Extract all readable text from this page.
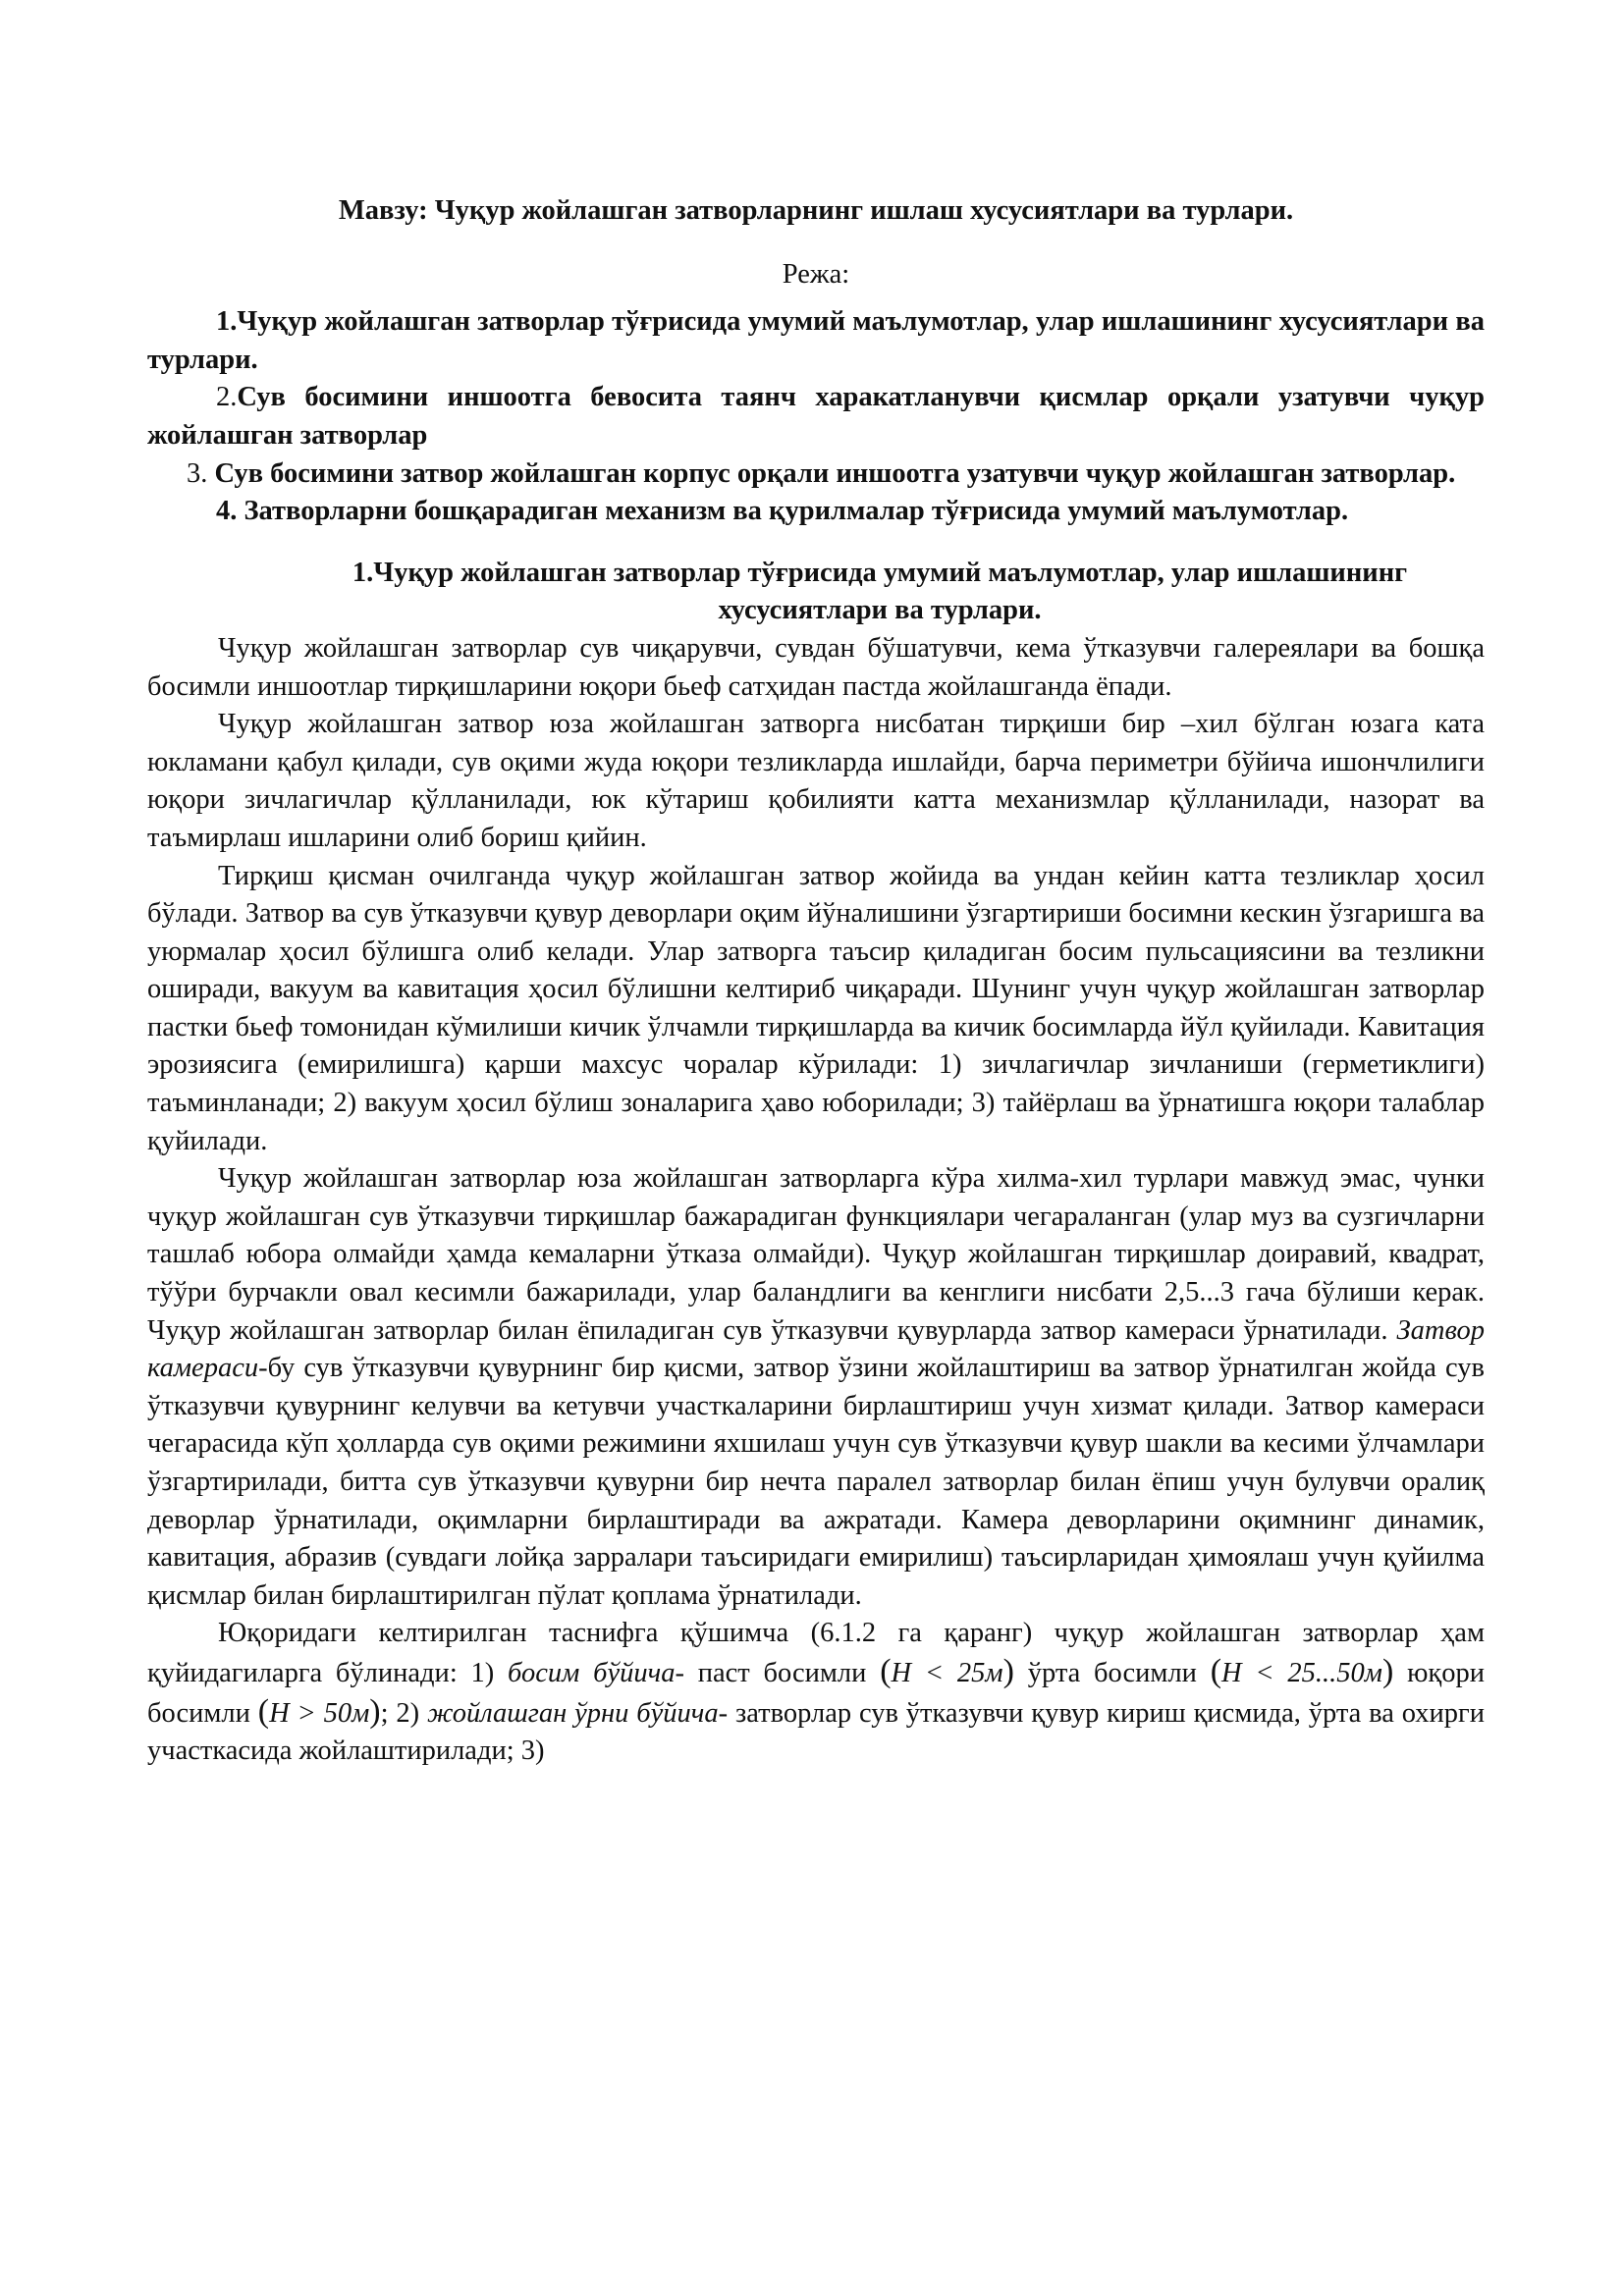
Мавзу: Чуқур жойлашган затворларнинг ишлаш хусусиятлари ва турлари.

Режа:

1.Чуқур жойлашган затворлар тўғрисида умумий маълумотлар, улар ишлашининг хусусиятлари ва турлари.

2.Сув босимини иншоотга бевосита таянч харакатланувчи қисмлар орқали узатувчи чуқур жойлашган затворлар

3. Сув босимини затвор жойлашган корпус орқали иншоотга узатувчи чуқур жойлашган затворлар.

4. Затворларни бошқарадиган механизм ва қурилмалар тўғрисида умумий маълумотлар.

1.Чуқур жойлашган затворлар тўғрисида умумий маълумотлар, улар ишлашининг хусусиятлари ва турлари.

Чуқур жойлашган затворлар сув чиқарувчи, сувдан бўшатувчи, кема ўтказувчи галереялари ва бошқа босимли иншоотлар тирқишларини юқори бьеф сатҳидан пастда жойлашганда ёпади.

Чуқур жойлашган затвор юза жойлашган затворга нисбатан тирқиши бир –хил бўлган юзага ката юкламани қабул қилади, сув оқими жуда юқори тезликларда ишлайди, барча периметри бўйича ишончлилиги юқори зичлагичлар қўлланилади, юк кўтариш қобилияти катта механизмлар қўлланилади, назорат ва таъмирлаш ишларини олиб бориш қийин.

Тирқиш қисман очилганда чуқур жойлашган затвор жойида ва ундан кейин катта тезликлар ҳосил бўлади. Затвор ва сув ўтказувчи қувур деворлари оқим йўналишини ўзгартириши босимни кескин ўзгаришга ва уюрмалар ҳосил бўлишга олиб келади. Улар затворга таъсир қиладиган босим пульсациясини ва тезликни оширади, вакуум ва кавитация ҳосил бўлишни келтириб чиқаради. Шунинг учун чуқур жойлашган затворлар пастки бьеф томонидан кўмилиши кичик ўлчамли тирқишларда ва кичик босимларда йўл қуйилади. Кавитация эрозиясига (емирилишга) қарши махсус чоралар кўрилади: 1) зичлагичлар зичланиши (герметиклиги) таъминланади; 2) вакуум ҳосил бўлиш зоналарига ҳаво юборилади; 3) тайёрлаш ва ўрнатишга юқори талаблар қуйилади.

Чуқур жойлашган затворлар юза жойлашган затворларга кўра хилма-хил турлари мавжуд эмас, чунки чуқур жойлашган сув ўтказувчи тирқишлар бажарадиган функциялари чегараланган (улар муз ва сузгичларни ташлаб юбора олмайди ҳамда кемаларни ўтказа олмайди). Чуқур жойлашган тирқишлар доиравий, квадрат, тўўри бурчакли овал кесимли бажарилади, улар баландлиги ва кенглиги нисбати 2,5...3 гача бўлиши керак. Чуқур жойлашган затворлар билан ёпиладиган сув ўтказувчи қувурларда затвор камераси ўрнатилади. Затвор камераси-бу сув ўтказувчи қувурнинг бир қисми, затвор ўзини жойлаштириш ва затвор ўрнатилган жойда сув ўтказувчи қувурнинг келувчи ва кетувчи участкаларини бирлаштириш учун хизмат қилади. Затвор камераси чегарасида кўп ҳолларда сув оқими режимини яхшилаш учун сув ўтказувчи қувур шакли ва кесими ўлчамлари ўзгартирилади, битта сув ўтказувчи қувурни бир нечта паралел затворлар билан ёпиш учун булувчи оралиқ деворлар ўрнатилади, оқимларни бирлаштиради ва ажратади. Камера деворларини оқимнинг динамик, кавитация, абразив (сувдаги лойқа зарралари таъсиридаги емирилиш) таъсирларидан ҳимоялаш учун қуйилма қисмлар билан бирлаштирилган пўлат қоплама ўрнатилади.

Юқоридаги келтирилган таснифга қўшимча (6.1.2 га қаранг) чуқур жойлашган затворлар ҳам қуйидагиларга бўлинади: 1) босим бўйича- паст босимли (H < 25м) ўрта босимли (H < 25...50м) юқори босимли (H > 50м); 2) жойлашган ўрни бўйича- затворлар сув ўтказувчи қувур кириш қисмида, ўрта ва охирги участкасида жойлаштирилади; 3)
